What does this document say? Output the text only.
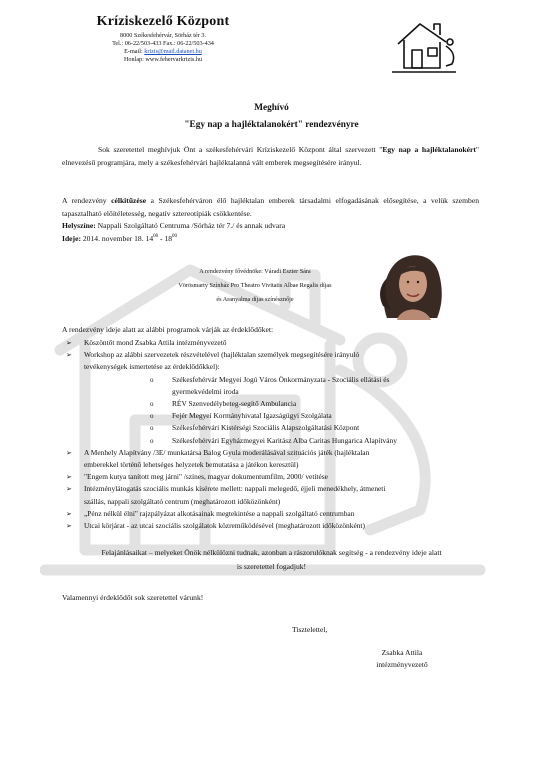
Kríziskezelő Központ
8000 Székesfehérvár, Sörház tér 3.
Tel.: 06-22/503-433 Fax.: 06-22/503-434
E-mail: krizis@mail.datanet.hu
Honlap: www.fehervarkrizis.hu
Meghívó
"Egy nap a hajléktalanokért" rendezvényre
Sok szeretettel meghívjuk Önt a székesfehérvári Kríziskezelő Központ által szervezett "Egy nap a hajléktalanokért" elnevezésű programjára, mely a székesfehérvári hajléktalanná vált emberek megsegítésére irányul.
A rendezvény célkitűzése a Székesfehérváron élő hajléktalan emberek társadalmi elfogadásának elősegítése, a velük szemben tapasztalható előítéletesség, negatív sztereotípiák csökkentése.
Helyszíne: Nappali Szolgáltató Centruma /Sörház tér 7./ és annak udvara
Ideje: 2014. november 18. $14^{00} - 18^{00}$
A rendezvény fővédnöke: Váradi Eszter Sára
Vörösmarty Színház Pro Theatro Vivitatis Albae Regalis díjas
és Aranyalma díjas színésznője
A rendezvény ideje alatt az alábbi programok várják az érdeklődőket:
➢ Köszöntőt mond Zsabka Attila intézményvezető
➢ Workshop az alábbi szervezetek részvételével (hajléktalan személyek megsegítésére irányuló
tevékenységek ismertetése az érdeklődőkkel):
o	Székesfehérvár Megyei Jogú Város Önkormányzata - Szociális ellátási és
gyermekvédelmi iroda
o	RÉV Szenvedélybeteg-segítő Ambulancia
o	Fejér Megyei Kormányhivatal Igazságügyi Szolgálata
o	Székesfehérvári Kistérségi Szociális Alapszolgáltatási Központ
o	Székesfehérvári Egyházmegyei Karitász Alba Caritas Hungarica Alapítvány
➢ A Menhely Alapítvány /3E/ munkatársa Balog Gyula moderálásával szituációs játék (hajléktalan
emberekkel történő lehetséges helyzetek bemutatása a játékon keresztül)
➢ "Engem kutya tanított meg járni" /színes, magyar dokumentumfilm, 2000/ vetítése
➢ Intézménylátogatás szociális munkás kísérete mellett: nappali melegedő, éjjeli menedékhely, átmeneti
szállás, nappali szolgáltató centrum (meghatározott időközönként)
➢ „Pénz nélkül élni" rajzpályázat alkotásainak megtekintése a nappali szolgáltató centrumban
➢ Utcai körjárat - az utcai szociális szolgálatok közreműködésével (meghatározott időközönként)
Felajánlásaikat – melyeket Önök nélkülözni tudnak, azonban a rászorulóknak segítség - a rendezvény ideje alatt
is szeretettel fogadjuk!
Valamennyi érdeklődőt sok szeretettel várunk!
Tisztelettel,
Zsabka Attila
intézményvezető
